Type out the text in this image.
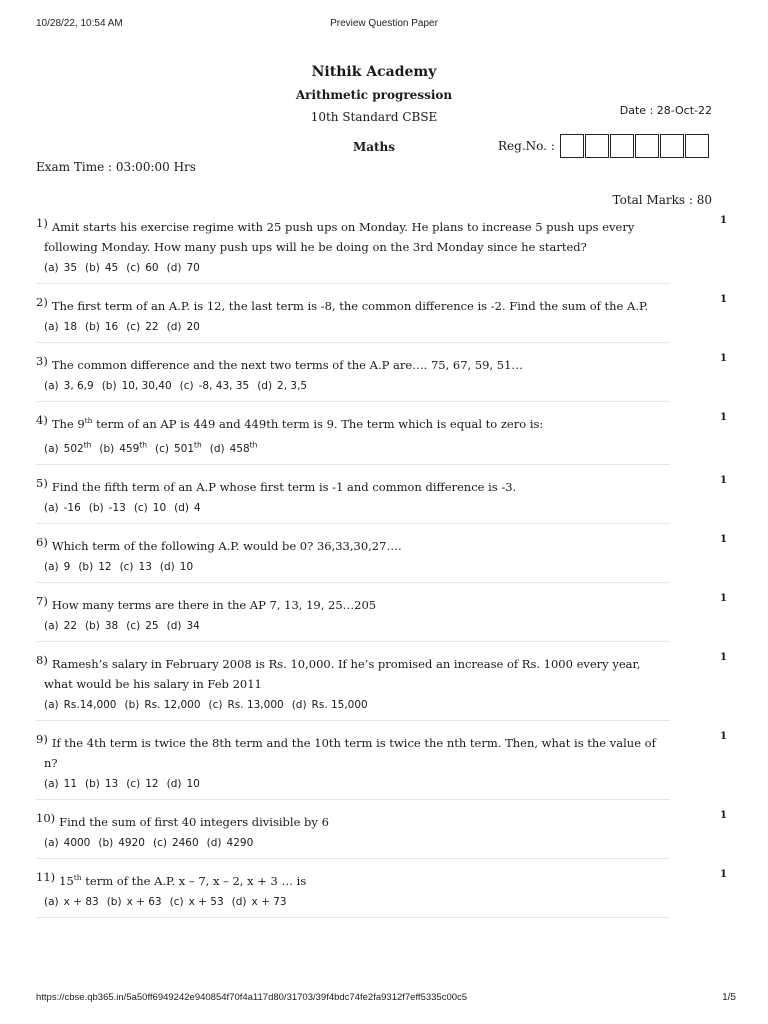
10/28/22, 10:54 AM	Preview Question Paper
Nithik Academy
Arithmetic progression
10th Standard CBSE
Maths
Date : 28-Oct-22
Reg.No. :
Exam Time : 03:00:00 Hrs
Total Marks : 80
1) Amit starts his exercise regime with 25 push ups on Monday. He plans to increase 5 push ups every following Monday. How many push ups will he be doing on the 3rd Monday since he started?
(a) 35 (b) 45 (c) 60 (d) 70
1
2) The first term of an A.P. is 12, the last term is -8, the common difference is -2. Find the sum of the A.P.
(a) 18 (b) 16 (c) 22 (d) 20
1
3) The common difference and the next two terms of the A.P are…. 75, 67, 59, 51…
(a) 3, 6,9 (b) 10, 30,40 (c) -8, 43, 35 (d) 2, 3,5
1
4) The 9th term of an AP is 449 and 449th term is 9. The term which is equal to zero is:
(a) 502th (b) 459th (c) 501th (d) 458th
1
5) Find the fifth term of an A.P whose first term is -1 and common difference is -3.
(a) -16 (b) -13 (c) 10 (d) 4
1
6) Which term of the following A.P. would be 0? 36,33,30,27….
(a) 9 (b) 12 (c) 13 (d) 10
1
7) How many terms are there in the AP 7, 13, 19, 25…205
(a) 22 (b) 38 (c) 25 (d) 34
1
8) Ramesh’s salary in February 2008 is Rs. 10,000. If he’s promised an increase of Rs. 1000 every year, what would be his salary in Feb 2011
(a) Rs.14,000 (b) Rs. 12,000 (c) Rs. 13,000 (d) Rs. 15,000
1
9) If the 4th term is twice the 8th term and the 10th term is twice the nth term. Then, what is the value of n?
(a) 11 (b) 13 (c) 12 (d) 10
1
10) Find the sum of first 40 integers divisible by 6
(a) 4000 (b) 4920 (c) 2460 (d) 4290
1
11) 15th term of the A.P. x – 7, x – 2, x + 3 … is
(a) x + 83 (b) x + 63 (c) x + 53 (d) x + 73
1
https://cbse.qb365.in/5a50ff6949242e940854f70f4a117d80/31703/39f4bdc74fe2fa9312f7eff5335c00c5	1/5
